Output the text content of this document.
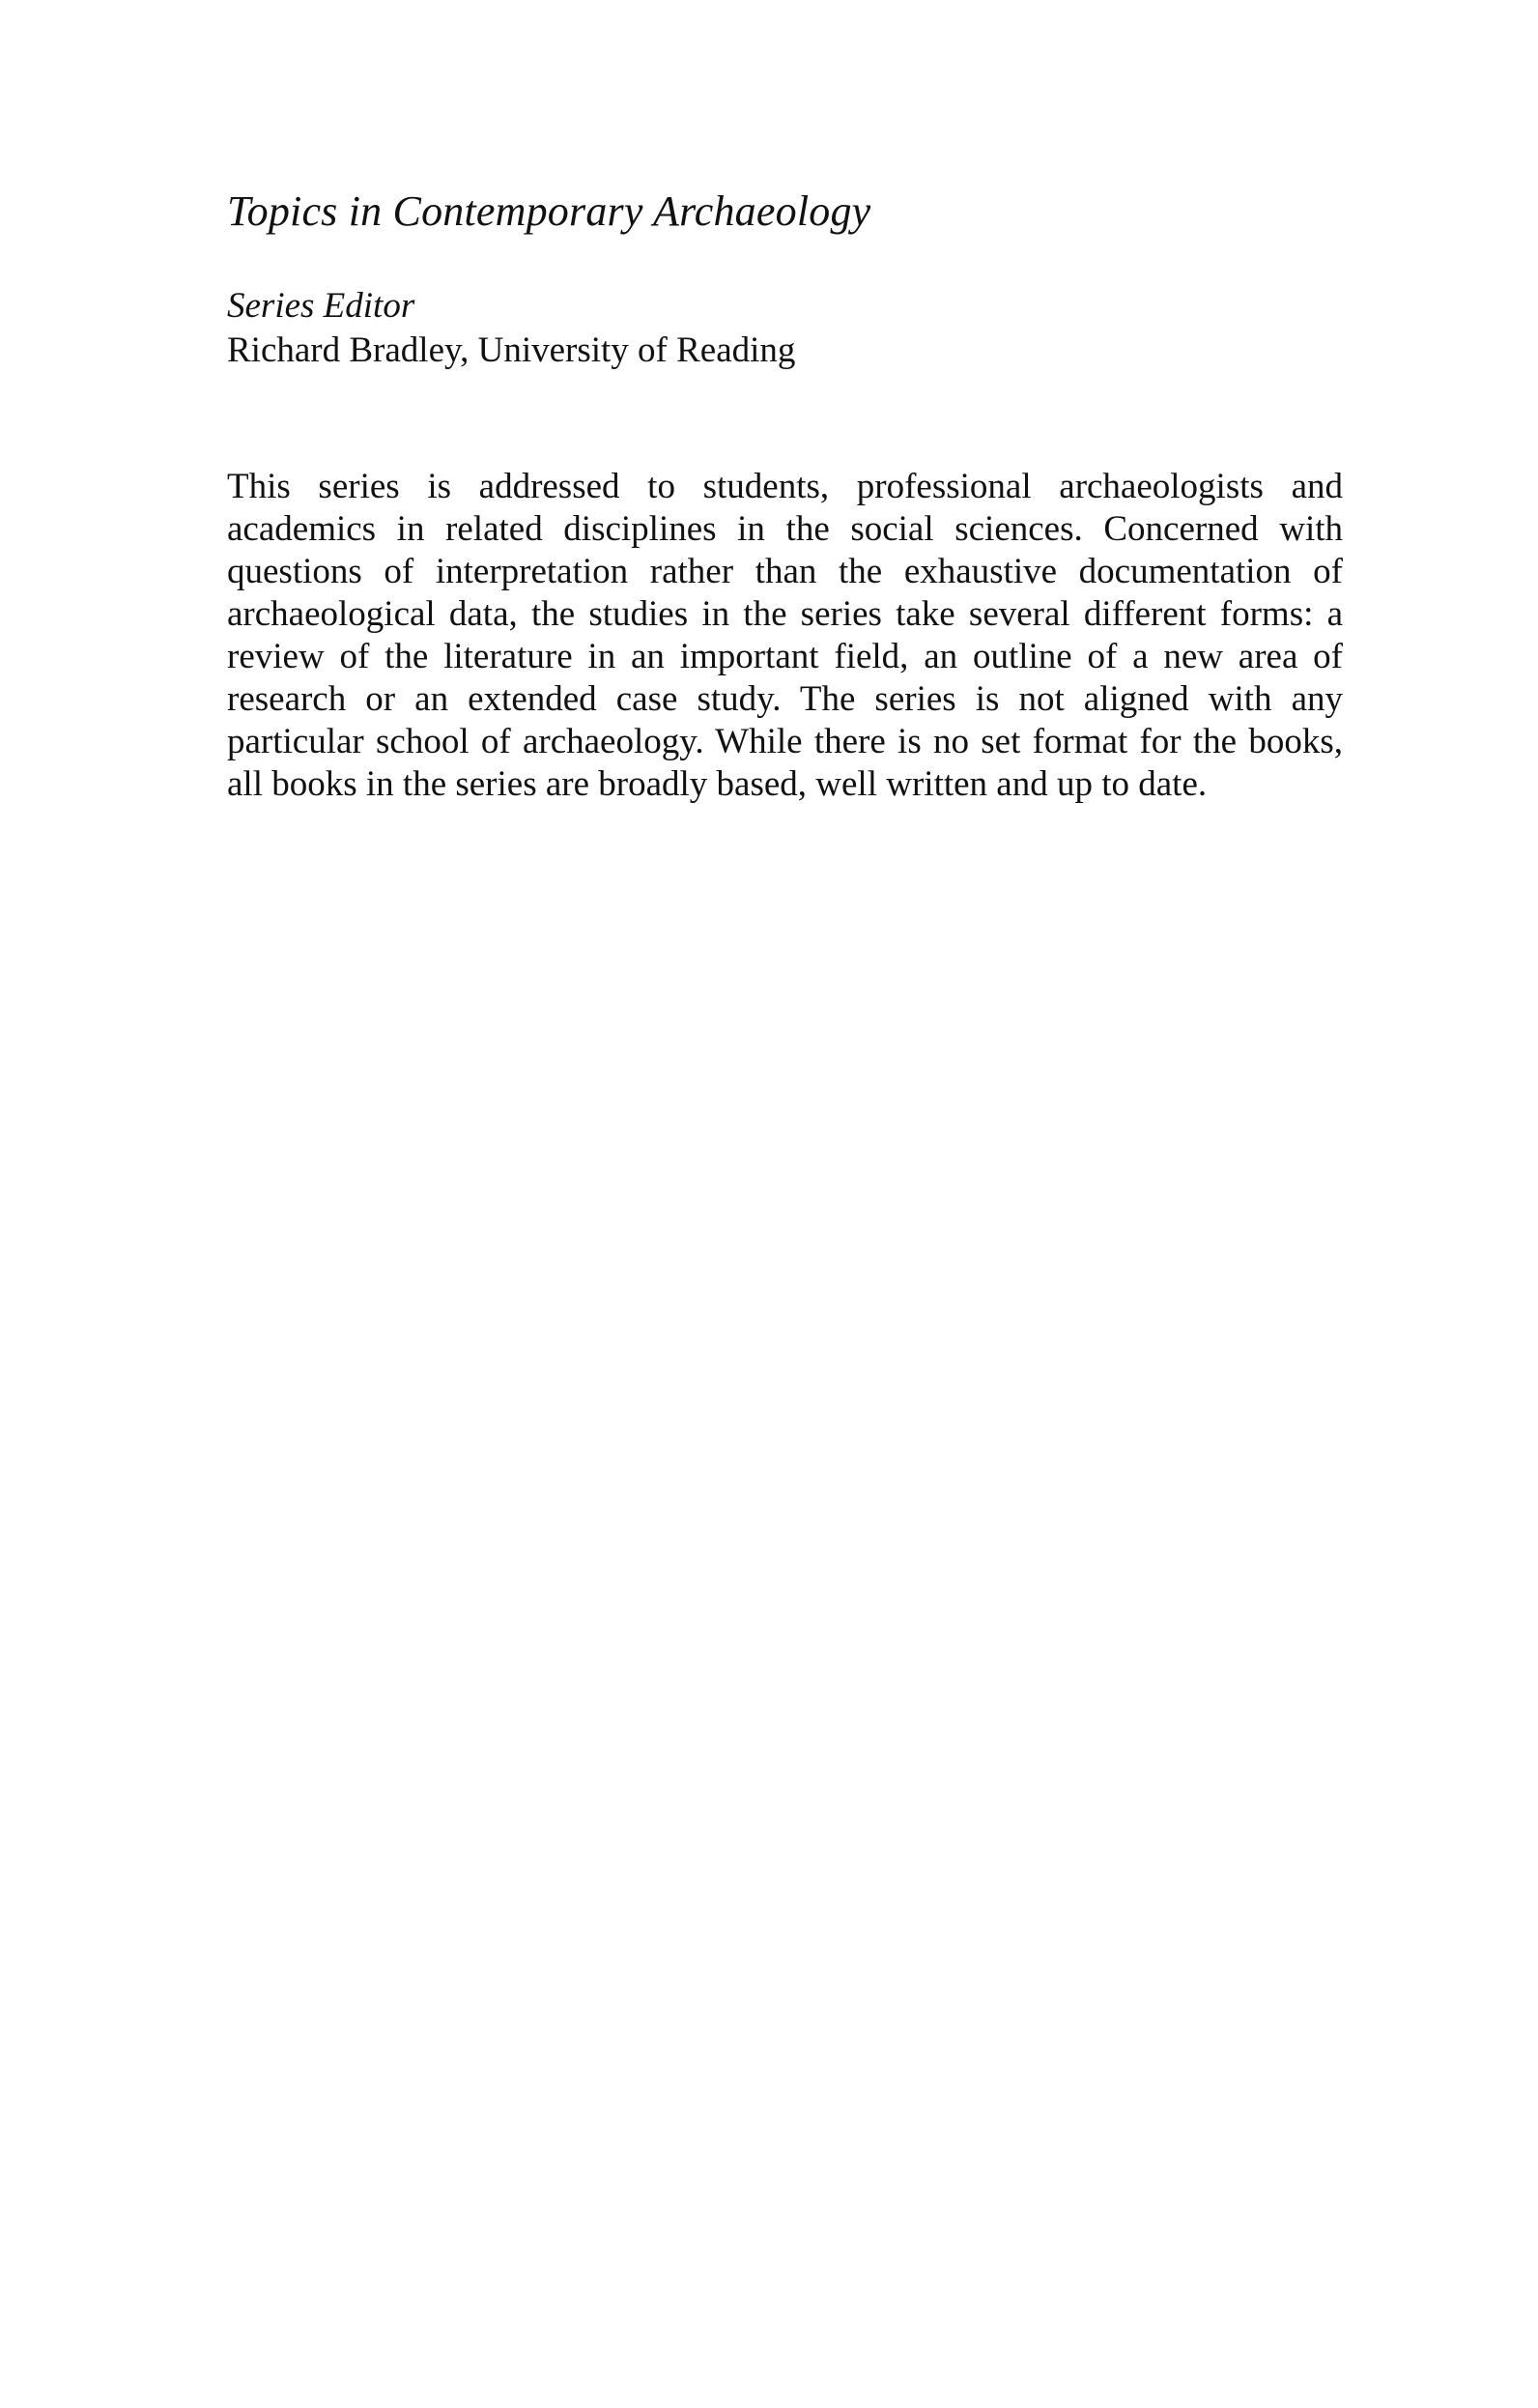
Topics in Contemporary Archaeology
Series Editor
Richard Bradley, University of Reading

This series is addressed to students, professional archaeologists and academics in related disciplines in the social sciences. Concerned with questions of interpretation rather than the exhaustive documentation of archaeological data, the studies in the series take several different forms: a review of the literature in an important field, an outline of a new area of research or an extended case study. The series is not aligned with any particular school of archaeology. While there is no set format for the books, all books in the series are broadly based, well written and up to date.
